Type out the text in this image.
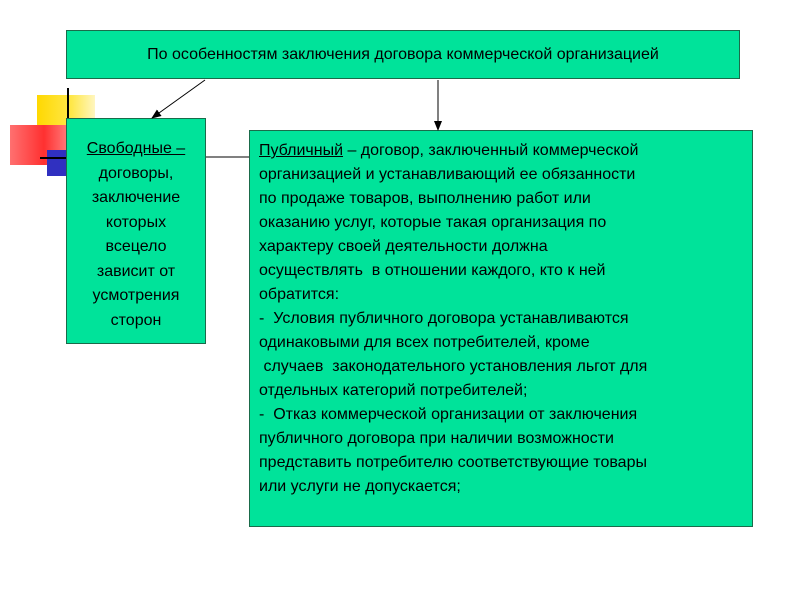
По особенностям заключения договора коммерческой организацией
Свободные –
договоры,
заключение
которых
всецело
зависит от
усмотрения
сторон
Публичный – договор, заключенный коммерческой
организацией и устанавливающий ее обязанности
по продаже товаров, выполнению работ или
оказанию услуг, которые такая организация по
характеру своей деятельности должна
осуществлять  в отношении каждого, кто к ней
обратится:
-  Условия публичного договора устанавливаются
одинаковыми для всех потребителей, кроме
случаев  законодательного установления льгот для
отдельных категорий потребителей;
-  Отказ коммерческой организации от заключения
публичного договора при наличии возможности
представить потребителю соответствующие товары
или услуги не допускается;
